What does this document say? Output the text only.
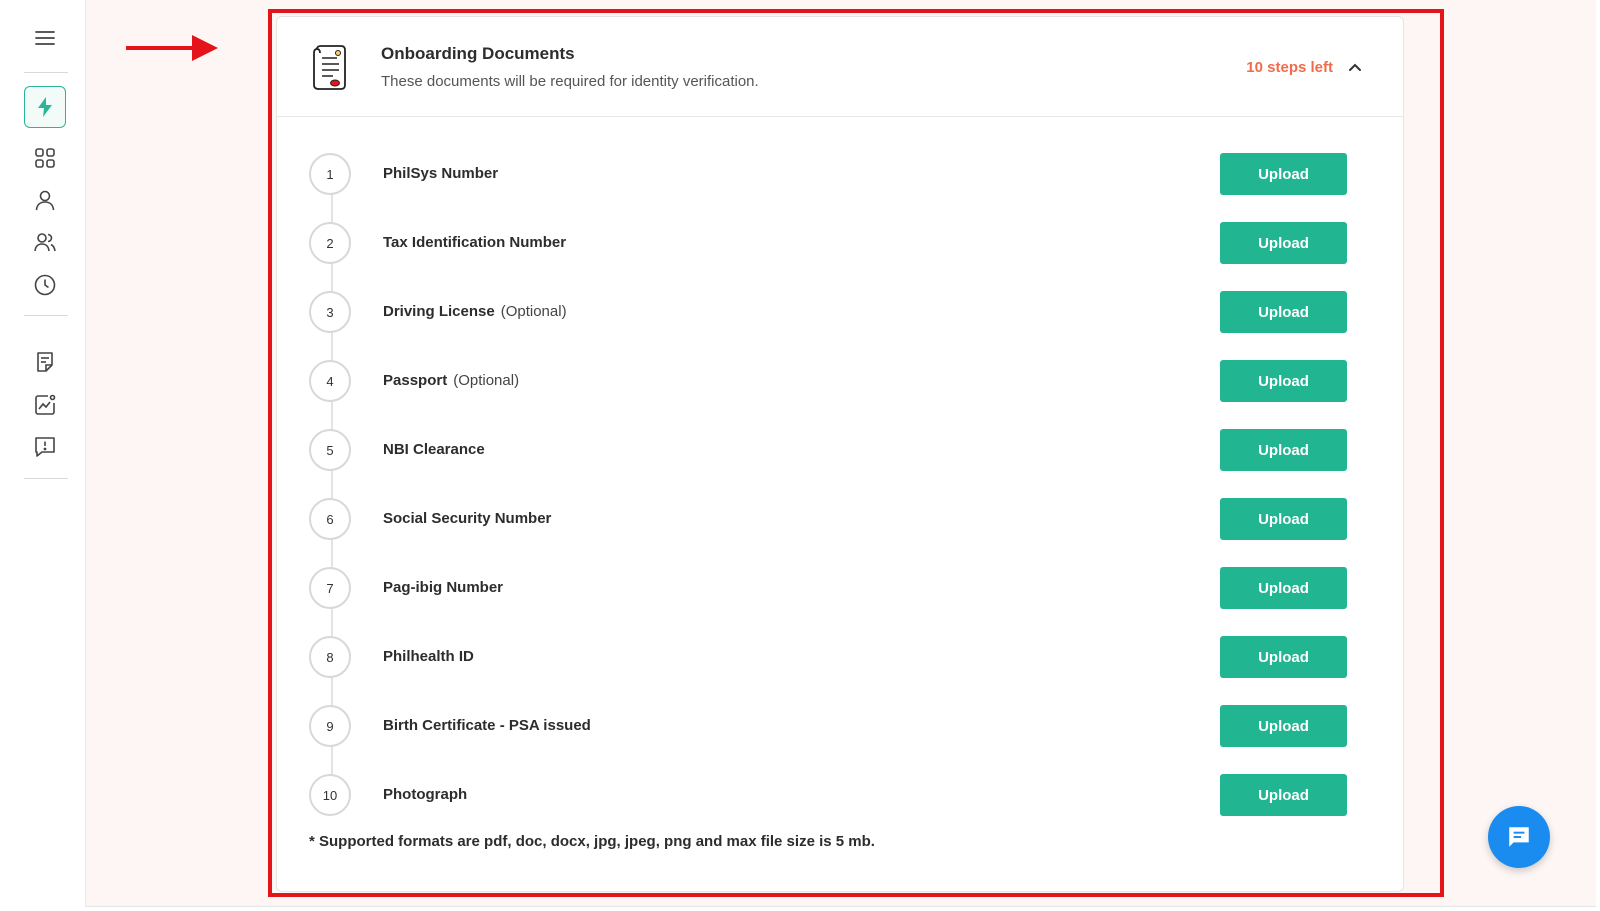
Onboarding Documents
These documents will be required for identity verification.
10 steps left
1	PhilSys Number	Upload
2	Tax Identification Number	Upload
3	Driving License (Optional)	Upload
4	Passport (Optional)	Upload
5	NBI Clearance	Upload
6	Social Security Number	Upload
7	Pag-ibig Number	Upload
8	Philhealth ID	Upload
9	Birth Certificate - PSA issued	Upload
10	Photograph	Upload
* Supported formats are pdf, doc, docx, jpg, jpeg, png and max file size is 5 mb.
